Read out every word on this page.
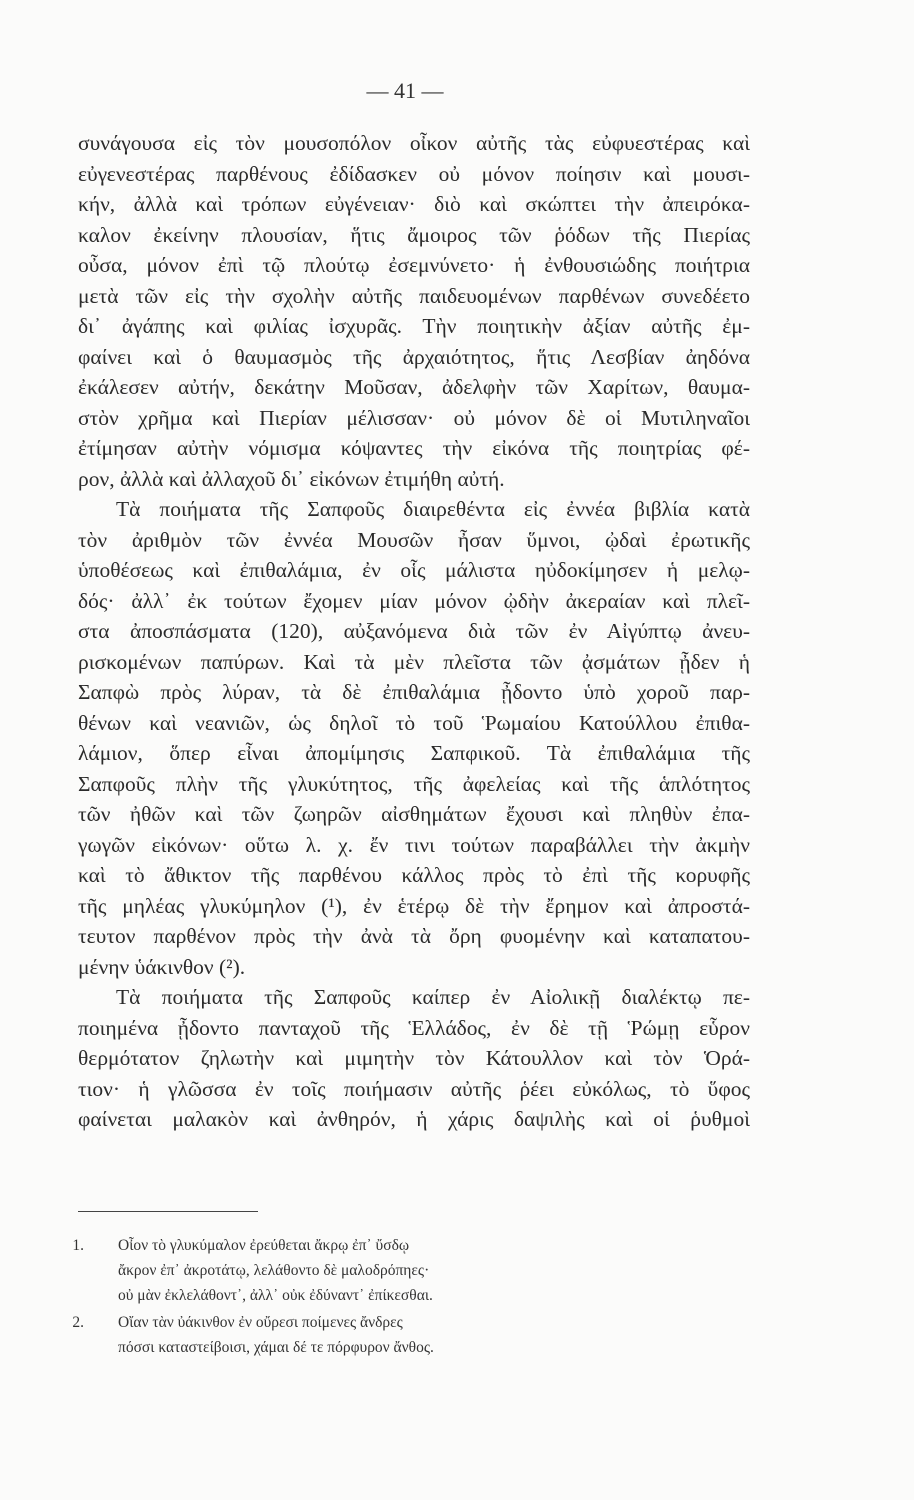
— 41 —
συνάγουσα εἰς τὸν μουσοπόλον οἶκον αὐτῆς τὰς εὐφυεστέρας καὶ
εὐγενεστέρας παρθένους ἐδίδασκεν οὐ μόνον ποίησιν καὶ μουσι-
κήν, ἀλλὰ καὶ τρόπων εὐγένειαν· διὸ καὶ σκώπτει τὴν ἀπειρόκα-
καλον ἐκείνην πλουσίαν, ἥτις ἄμοιρος τῶν ῥόδων τῆς Πιερίας
οὖσα, μόνον ἐπὶ τῷ πλούτῳ ἐσεμνύνετο· ἡ ἐνθουσιώδης ποιήτρια
μετὰ τῶν εἰς τὴν σχολὴν αὐτῆς παιδευομένων παρθένων συνεδέετο
δι᾽ ἀγάπης καὶ φιλίας ἰσχυρᾶς. Τὴν ποιητικὴν ἀξίαν αὐτῆς ἐμ-
φαίνει καὶ ὁ θαυμασμὸς τῆς ἀρχαιότητος, ἥτις Λεσβίαν ἀηδόνα
ἐκάλεσεν αὐτήν, δεκάτην Μοῦσαν, ἀδελφὴν τῶν Χαρίτων, θαυμα-
στὸν χρῆμα καὶ Πιερίαν μέλισσαν· οὐ μόνον δὲ οἱ Μυτιληναῖοι
ἐτίμησαν αὐτὴν νόμισμα κόψαντες τὴν εἰκόνα τῆς ποιητρίας φέ-
ρον, ἀλλὰ καὶ ἀλλαχοῦ δι᾽ εἰκόνων ἐτιμήθη αὐτή.
Τὰ ποιήματα τῆς Σαπφοῦς διαιρεθέντα εἰς ἐννέα βιβλία κατὰ
τὸν ἀριθμὸν τῶν ἐννέα Μουσῶν ἦσαν ὕμνοι, ᾠδαὶ ἐρωτικῆς
ὑποθέσεως καὶ ἐπιθαλάμια, ἐν οἷς μάλιστα ηὐδοκίμησεν ἡ μελῳ-
δός· ἀλλ᾽ ἐκ τούτων ἔχομεν μίαν μόνον ᾠδὴν ἀκεραίαν καὶ πλεῖ-
στα ἀποσπάσματα (120), αὐξανόμενα διὰ τῶν ἐν Αἰγύπτῳ ἀνευ-
ρισκομένων παπύρων. Καὶ τὰ μὲν πλεῖστα τῶν ᾀσμάτων ᾖδεν ἡ
Σαπφὼ πρὸς λύραν, τὰ δὲ ἐπιθαλάμια ᾖδοντο ὑπὸ χοροῦ παρ-
θένων καὶ νεανιῶν, ὡς δηλοῖ τὸ τοῦ Ῥωμαίου Κατούλλου ἐπιθα-
λάμιον, ὅπερ εἶναι ἀπομίμησις Σαπφικοῦ. Τὰ ἐπιθαλάμια τῆς
Σαπφοῦς πλὴν τῆς γλυκύτητος, τῆς ἀφελείας καὶ τῆς ἁπλότητος
τῶν ἠθῶν καὶ τῶν ζωηρῶν αἰσθημάτων ἔχουσι καὶ πληθὺν ἐπα-
γωγῶν εἰκόνων· οὕτω λ. χ. ἔν τινι τούτων παραβάλλει τὴν ἀκμὴν
καὶ τὸ ἄθικτον τῆς παρθένου κάλλος πρὸς τὸ ἐπὶ τῆς κορυφῆς
τῆς μηλέας γλυκύμηλον (¹), ἐν ἑτέρῳ δὲ τὴν ἔρημον καὶ ἀπροστά-
τευτον παρθένον πρὸς τὴν ἀνὰ τὰ ὄρη φυομένην καὶ καταπατου-
μένην ὑάκινθον (²).
Τὰ ποιήματα τῆς Σαπφοῦς καίπερ ἐν Αἰολικῇ διαλέκτῳ πε-
ποιημένα ᾖδοντο πανταχοῦ τῆς Ἑλλάδος, ἐν δὲ τῇ Ῥώμῃ εὗρον
θερμότατον ζηλωτὴν καὶ μιμητὴν τὸν Κάτουλλον καὶ τὸν Ὁρά-
τιον· ἡ γλῶσσα ἐν τοῖς ποιήμασιν αὐτῆς ῥέει εὐκόλως, τὸ ὕφος
φαίνεται μαλακὸν καὶ ἀνθηρόν, ἡ χάρις δαψιλὴς καὶ οἱ ῥυθμοὶ
1. Οἶον τὸ γλυκύμαλον ἐρεύθεται ἄκρῳ ἐπ᾽ ὔσδῳ
ἄκρον ἐπ᾽ ἀκροτάτῳ, λελάθοντο δὲ μαλοδρόπηες·
οὐ μὰν ἐκλελάθοντ᾽, ἀλλ᾽ οὐκ ἐδύναντ᾽ ἐπίκεσθαι.
2. Οἴαν τὰν ὐάκινθον ἐν οὔρεσι ποίμενες ἄνδρες
πόσσι καταστείβοισι, χάμαι δέ τε πόρφυρον ἄνθος.
